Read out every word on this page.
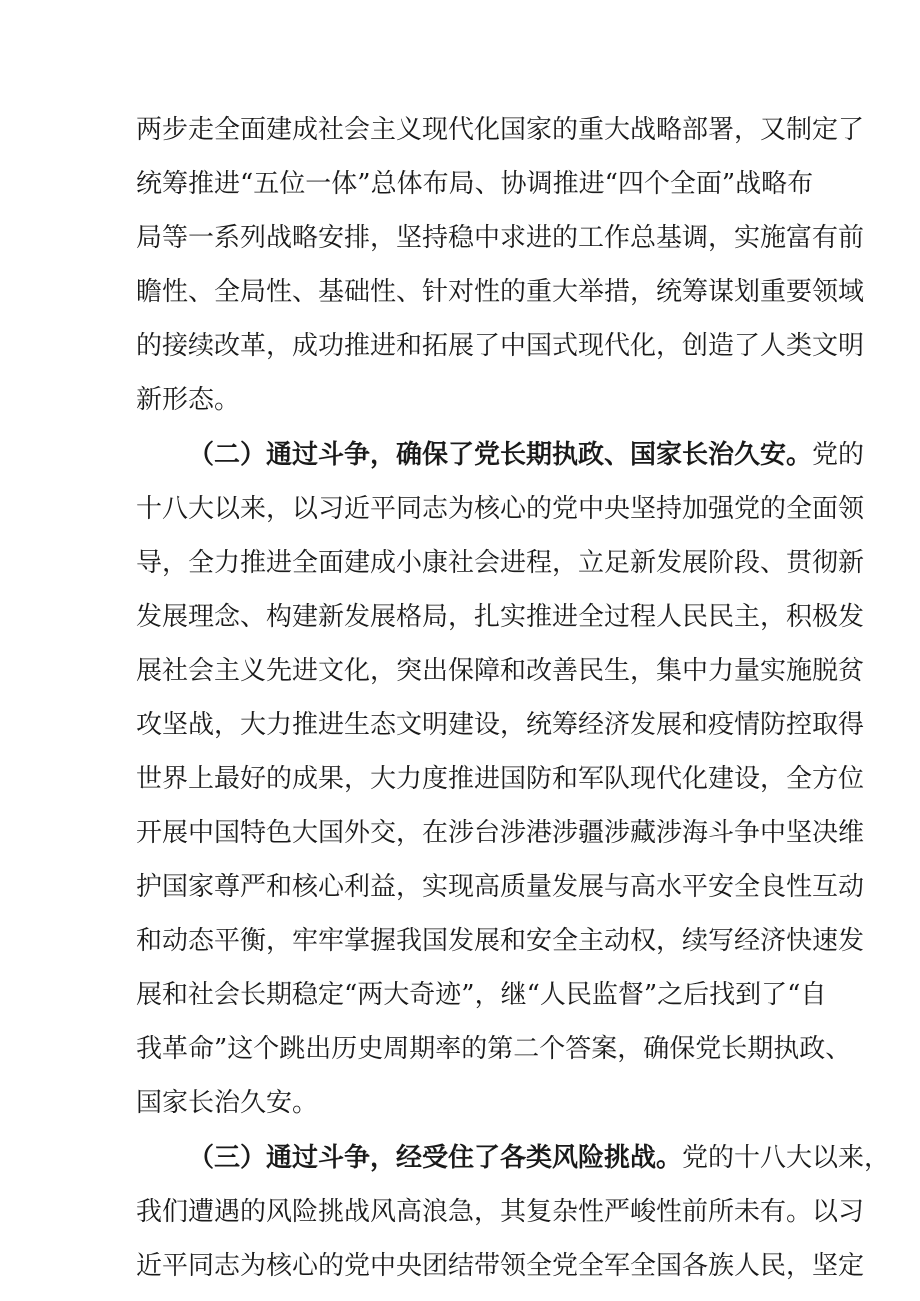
两步走全面建成社会主义现代化国家的重大战略部署，又制定了
统筹推进“五位一体”总体布局、协调推进“四个全面”战略布
局等一系列战略安排，坚持稳中求进的工作总基调，实施富有前
瞻性、全局性、基础性、针对性的重大举措，统筹谋划重要领域
的接续改革，成功推进和拓展了中国式现代化，创造了人类文明
新形态。
（二）通过斗争，确保了党长期执政、国家长治久安。党的
十八大以来，以习近平同志为核心的党中央坚持加强党的全面领
导，全力推进全面建成小康社会进程，立足新发展阶段、贯彻新
发展理念、构建新发展格局，扎实推进全过程人民民主，积极发
展社会主义先进文化，突出保障和改善民生，集中力量实施脱贫
攻坚战，大力推进生态文明建设，统筹经济发展和疫情防控取得
世界上最好的成果，大力度推进国防和军队现代化建设，全方位
开展中国特色大国外交，在涉台涉港涉疆涉藏涉海斗争中坚决维
护国家尊严和核心利益，实现高质量发展与高水平安全良性互动
和动态平衡，牢牢掌握我国发展和安全主动权，续写经济快速发
展和社会长期稳定“两大奇迹”，继“人民监督”之后找到了“自
我革命”这个跳出历史周期率的第二个答案，确保党长期执政、
国家长治久安。
（三）通过斗争，经受住了各类风险挑战。党的十八大以来，
我们遭遇的风险挑战风高浪急，其复杂性严峻性前所未有。以习
近平同志为核心的党中央团结带领全党全军全国各族人民，坚定
